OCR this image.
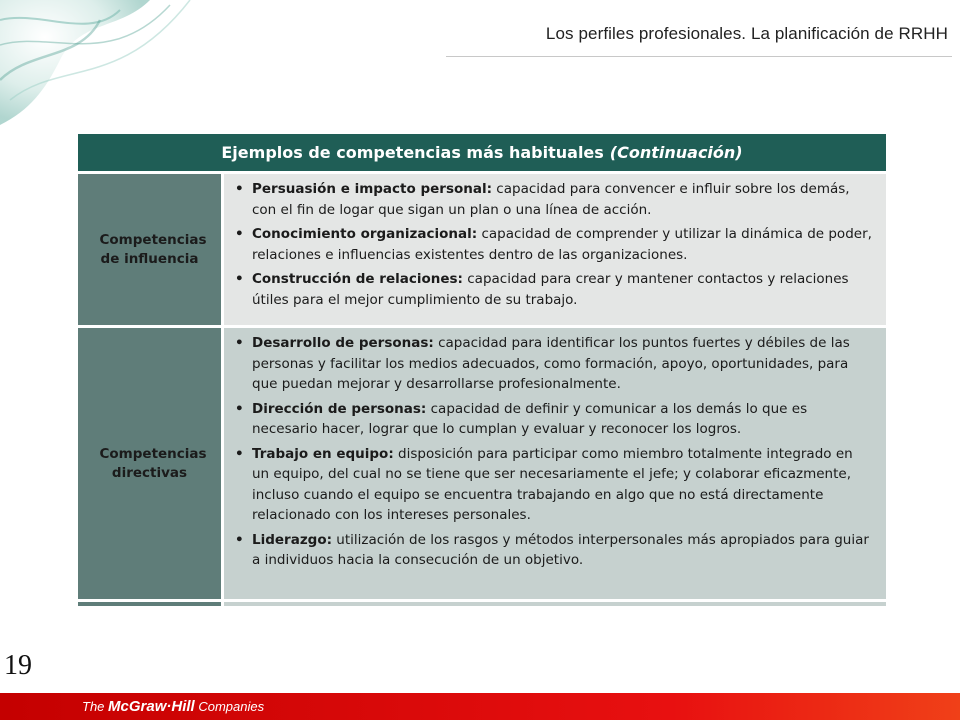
Los perfiles profesionales. La planificación de RRHH
Ejemplos de competencias más habituales (Continuación)
Competencias de influencia
• Persuasión e impacto personal: capacidad para convencer e influir sobre los demás, con el fin de logar que sigan un plan o una línea de acción.
• Conocimiento organizacional: capacidad de comprender y utilizar la dinámica de poder, relaciones e influencias existentes dentro de las organizaciones.
• Construcción de relaciones: capacidad para crear y mantener contactos y relaciones útiles para el mejor cumplimiento de su trabajo.
Competencias directivas
• Desarrollo de personas: capacidad para identificar los puntos fuertes y débiles de las personas y facilitar los medios adecuados, como formación, apoyo, oportunidades, para que puedan mejorar y desarrollarse profesionalmente.
• Dirección de personas: capacidad de definir y comunicar a los demás lo que es necesario hacer, lograr que lo cumplan y evaluar y reconocer los logros.
• Trabajo en equipo: disposición para participar como miembro totalmente integrado en un equipo, del cual no se tiene que ser necesariamente el jefe; y colaborar eficazmente, incluso cuando el equipo se encuentra trabajando en algo que no está directamente relacionado con los intereses personales.
• Liderazgo: utilización de los rasgos y métodos interpersonales más apropiados para guiar a individuos hacia la consecución de un objetivo.
19
The McGraw·Hill Companies
